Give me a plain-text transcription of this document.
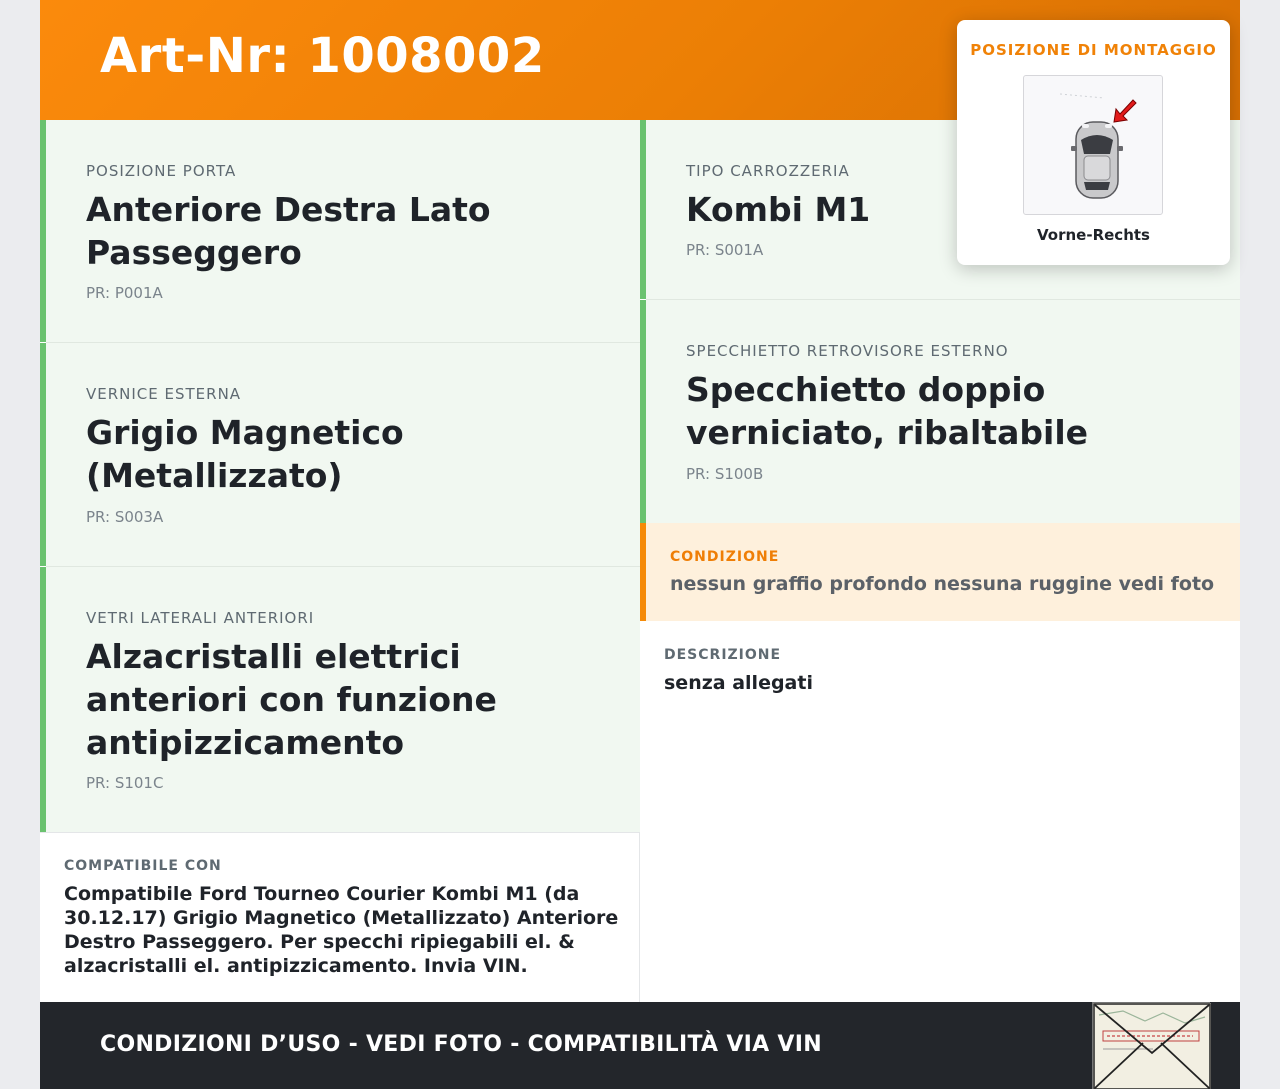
Art-Nr: 1008002
POSIZIONE PORTA
Anteriore Destra Lato Passeggero
PR: P001A
VERNICE ESTERNA
Grigio Magnetico (Metallizzato)
PR: S003A
VETRI LATERALI ANTERIORI
Alzacristalli elettrici anteriori con funzione antipizzicamento
PR: S101C
TIPO CARROZZERIA
Kombi M1
PR: S001A
SPECCHIETTO RETROVISORE ESTERNO
Specchietto doppio verniciato, ribaltabile
PR: S100B
CONDIZIONE
nessun graffio profondo nessuna ruggine vedi foto
DESCRIZIONE
senza allegati
COMPATIBILE CON
Compatibile Ford Tourneo Courier Kombi M1 (da 30.12.17) Grigio Magnetico (Metallizzato) Anteriore Destro Passeggero. Per specchi ripiegabili el. & alzacristalli el. antipizzicamento. Invia VIN.
CONDIZIONI D’USO - VEDI FOTO - COMPATIBILITÀ VIA VIN
POSIZIONE DI MONTAGGIO
Vorne-Rechts
